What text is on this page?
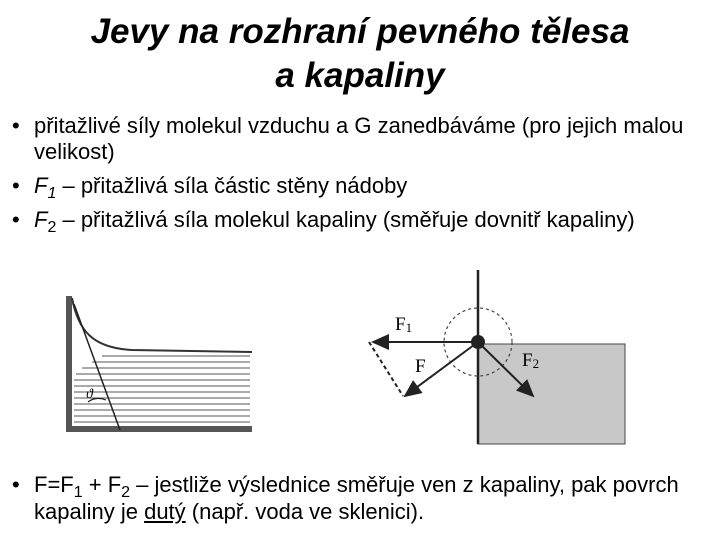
Jevy na rozhraní pevného tělesa
a kapaliny
• přitažlivé síly molekul vzduchu a G zanedbáváme (pro jejich malou velikost)
• $F_1$ – přitažlivá síla částic stěny nádoby
• $F_2$ – přitažlivá síla molekul kapaliny (směřuje dovnitř kapaliny)
ϑ
F1
F	F2
• $F=F_1 + F_2$ – jestliže výslednice směřuje ven z kapaliny, pak povrch kapaliny je dutý (např. voda ve sklenici).
